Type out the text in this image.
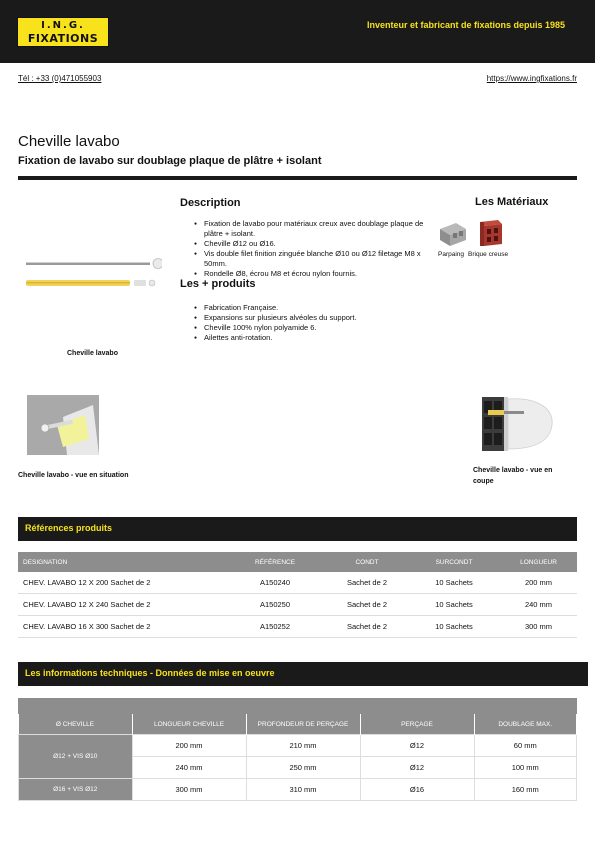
I.N.G.
FIXATIONS
Inventeur et fabricant de fixations depuis 1985
Tél : +33 (0)471055903	https://www.ingfixations.fr
Cheville lavabo
Fixation de lavabo sur doublage plaque de plâtre + isolant
Cheville lavabo
Description
● Fixation de lavabo pour matériaux creux avec doublage plaque de plâtre + isolant.
● Cheville Ø12 ou Ø16.
● Vis double filet finition zinguée blanche Ø10 ou Ø12 filetage M8 x 50mm.
● Rondelle Ø8, écrou M8 et écrou nylon fournis.
Les + produits
● Fabrication Française.
● Expansions sur plusieurs alvéoles du support.
● Cheville 100% nylon polyamide 6.
● Ailettes anti-rotation.
Les Matériaux
Parpaing Brique creuse
Cheville lavabo - vue en situation
Cheville lavabo - vue en coupe
Références produits
DESIGNATION	RÉFÉRENCE	CONDT	SURCONDT	LONGUEUR
CHEV. LAVABO 12 X 200 Sachet de 2	A150240	Sachet de 2	10 Sachets	200 mm
CHEV. LAVABO 12 X 240 Sachet de 2	A150250	Sachet de 2	10 Sachets	240 mm
CHEV. LAVABO 16 X 300 Sachet de 2	A150252	Sachet de 2	10 Sachets	300 mm
Les informations techniques - Données de mise en oeuvre
Ø CHEVILLE	LONGUEUR CHEVILLE	PROFONDEUR DE PERÇAGE	PERÇAGE	DOUBLAGE MAX.
Ø12 + VIS Ø10	200 mm	210 mm	Ø12	60 mm
	240 mm	250 mm	Ø12	100 mm
Ø16 + VIS Ø12	300 mm	310 mm	Ø16	160 mm
